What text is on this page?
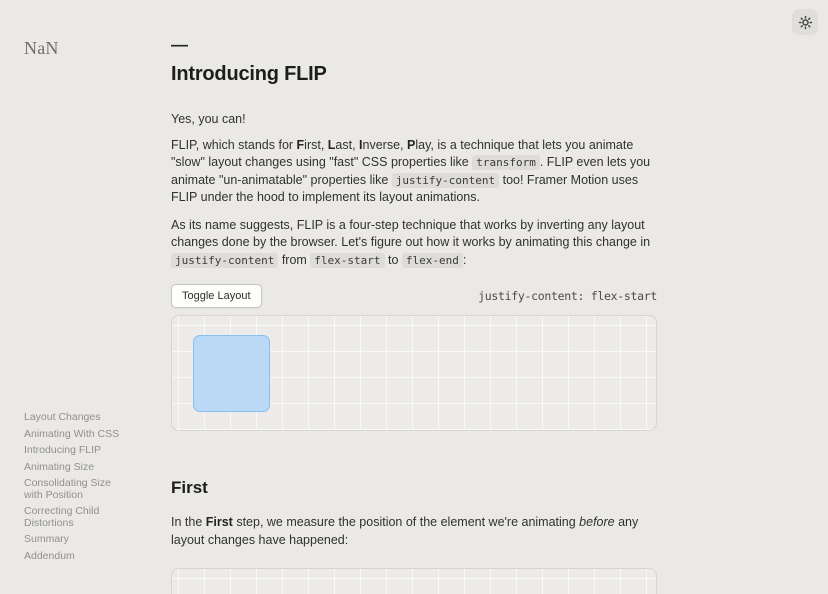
NaN
Layout Changes
Animating With CSS
Introducing FLIP
Animating Size
Consolidating Size with Position
Correcting Child Distortions
Summary
Addendum
—
Introducing FLIP

Yes, you can!

FLIP, which stands for First, Last, Inverse, Play, is a technique that lets you animate "slow" layout changes using "fast" CSS properties like transform . FLIP even lets you animate "un-animatable" properties like justify-content too! Framer Motion uses FLIP under the hood to implement its layout animations.

As its name suggests, FLIP is a four-step technique that works by inverting any layout changes done by the browser. Let's figure out how it works by animating this change in justify-content from flex-start to flex-end :

Toggle Layout	justify-content: flex-start
First

In the First step, we measure the position of the element we're animating before any layout changes have happened:
